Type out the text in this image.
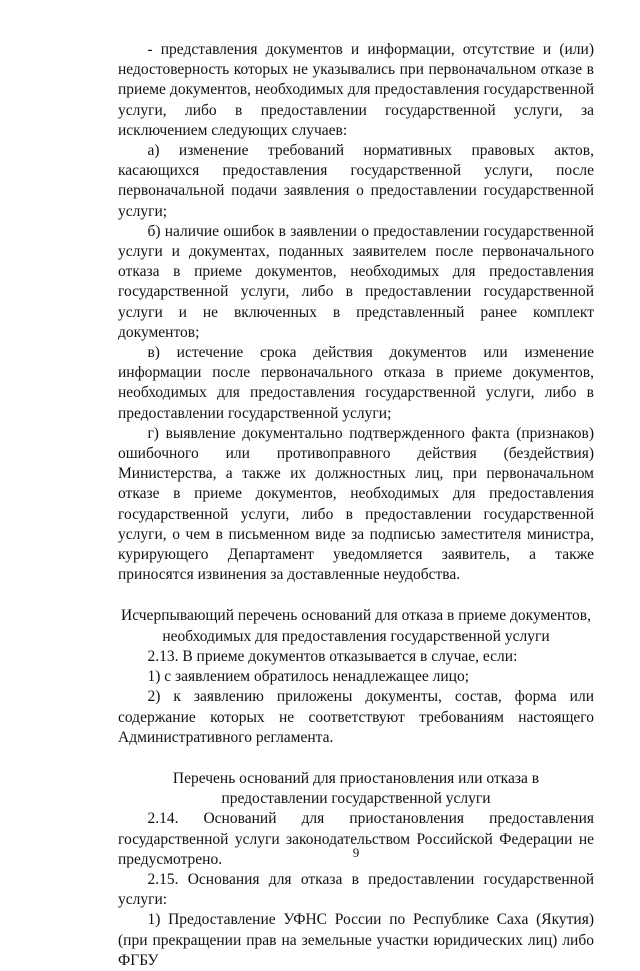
- представления документов и информации, отсутствие и (или) недостоверность которых не указывались при первоначальном отказе в приеме документов, необходимых для предоставления государственной услуги, либо в предоставлении государственной услуги, за исключением следующих случаев:

а) изменение требований нормативных правовых актов, касающихся предоставления государственной услуги, после первоначальной подачи заявления о предоставлении государственной услуги;

б) наличие ошибок в заявлении о предоставлении государственной услуги и документах, поданных заявителем после первоначального отказа в приеме документов, необходимых для предоставления государственной услуги, либо в предоставлении государственной услуги и не включенных в представленный ранее комплект документов;

в) истечение срока действия документов или изменение информации после первоначального отказа в приеме документов, необходимых для предоставления государственной услуги, либо в предоставлении государственной услуги;

г) выявление документально подтвержденного факта (признаков) ошибочного или противоправного действия (бездействия) Министерства, а также их должностных лиц, при первоначальном отказе в приеме документов, необходимых для предоставления государственной услуги, либо в предоставлении государственной услуги, о чем в письменном виде за подписью заместителя министра, курирующего Департамент уведомляется заявитель, а также приносятся извинения за доставленные неудобства.

Исчерпывающий перечень оснований для отказа в приеме документов, необходимых для предоставления государственной услуги

2.13. В приеме документов отказывается в случае, если:

1) с заявлением обратилось ненадлежащее лицо;

2) к заявлению приложены документы, состав, форма или содержание которых не соответствуют требованиям настоящего Административного регламента.

Перечень оснований для приостановления или отказа в предоставлении государственной услуги

2.14. Оснований для приостановления предоставления государственной услуги законодательством Российской Федерации не предусмотрено.

2.15. Основания для отказа в предоставлении государственной услуги:

1) Предоставление УФНС России по Республике Саха (Якутия) (при прекращении прав на земельные участки юридических лиц) либо ФГБУ

9
